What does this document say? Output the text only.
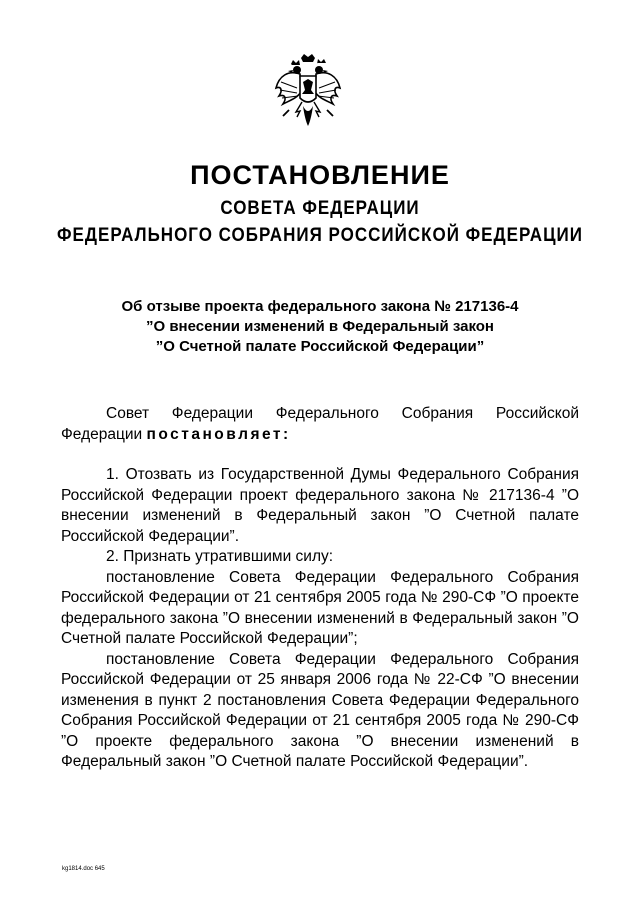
ПОСТАНОВЛЕНИЕ
СОВЕТА ФЕДЕРАЦИИ
ФЕДЕРАЛЬНОГО СОБРАНИЯ РОССИЙСКОЙ ФЕДЕРАЦИИ
Об отзыве проекта федерального закона № 217136-4
”О внесении изменений в Федеральный закон
”О Счетной палате Российской Федерации”

Совет Федерации Федерального Собрания Российской Федерации постановляет:

1. Отозвать из Государственной Думы Федерального Собрания Российской Федерации проект федерального закона № 217136-4 ”О внесении изменений в Федеральный закон ”О Счетной палате Российской Федерации”.

2. Признать утратившими силу:

постановление Совета Федерации Федерального Собрания Российской Федерации от 21 сентября 2005 года № 290-СФ ”О проекте федерального закона ”О внесении изменений в Федеральный закон ”О Счетной палате Российской Федерации”;

постановление Совета Федерации Федерального Собрания Российской Федерации от 25 января 2006 года № 22-СФ ”О внесении изменения в пункт 2 постановления Совета Федерации Федерального Собрания Российской Федерации от 21 сентября 2005 года № 290-СФ ”О проекте федерального закона ”О внесении изменений в Федеральный закон ”О Счетной палате Российской Федерации”.

kg1814.doc 645
